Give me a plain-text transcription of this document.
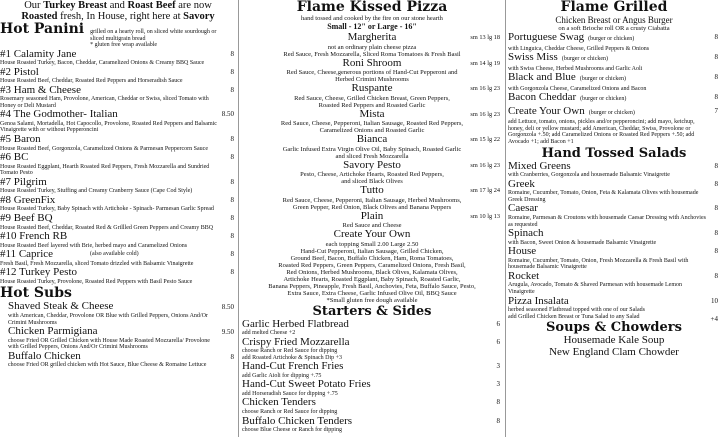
Our Turkey Breast and Roast Beef are now
Roasted fresh, In House, right here at Savory
Hot Panini grilled on a hearty roll, on sliced white sourdough or
sliced multigrain bread
* gluten free wrap available
#1 Calamity Jane	8
House Roasted Turkey, Bacon, Cheddar, Caramelized Onions & Creamy BBQ Sauce
#2 Pistol	8
House Roasted Beef, Cheddar, Roasted Red Peppers and Horseradish Sauce
#3 Ham & Cheese	8
Rosemary seasoned Ham, Provolone, American, Cheddar or Swiss, sliced Tomato with Honey or Deli Mustard
#4 The Godmother- Italian	8.50
Genoa Salami, Mortadella, Hot Capocollo, Provolone, Roasted Red Peppers and Balsamic Vinaigrette with or without Pepperoncini
#5 Baron	8
House Roasted Beef, Gorgonzola, Caramelized Onions & Parmesan Peppercorn Sauce
#6 BC	8
House Roasted Eggplant, Hearth Roasted Red Peppers, Fresh Mozzarella and Sundried Tomato Pesto
#7 Pilgrim	8
House Roasted Turkey, Stuffing and Creamy Cranberry Sauce (Cape Cod Style)
#8 GreenFix	8
House Roasted Turkey, Baby Spinach with Artichoke - Spinach- Parmesan Garlic Spread
#9 Beef BQ	8
House Roasted Beef, Cheddar, Roasted Red & Grillled Green Peppers and Creamy BBQ
#10 French RB	8
House Roasted Beef layered with Brie, herbed mayo and Caramelized Onions
#11 Caprice	(also available cold)	8
Fresh Basil, Fresh Mozzarella, sliced Tomato drizzled with Balsamic Vinaigrette
#12 Turkey Pesto	8
House Roasted Turkey, Provolone, Roasted Red Peppers with Basil Pesto Sauce
Hot Subs
Shaved Steak & Cheese	8.50
with American, Cheddar, Provolone OR Blue with Grilled Peppers, Onions And/Or Crimini Mushrooms
Chicken Parmigiana	9.50
choose Fried OR Grilled Chicken with House Made Roasted Mozzarella/ Provolone with Grilled Peppers, Onions And/Or Crimini Mushrooms
Buffalo Chicken	8
choose Fried OR grilled chicken with Hot Sauce, Blue Cheese & Romaine Lettuce
Flame Kissed Pizza
hand tossed and cooked by the fire on our stone hearth
Small - 12" or Large - 16"
Margherita	sm 13 lg 18
not an ordinary plain cheese pizza
Red Sauce, Fresh Mozzarella, Sliced Roma Tomatoes & Fresh Basil
Roni Shroom	sm 14 lg 19
Red Sauce, Cheese,generous portions of Hand-Cut Pepperoni and
Herbed Crimini Mushrooms
Ruspante	sm 16 lg 23
Red Sauce, Cheese, Grilled Chicken Breast, Green Peppers,
Roasted Red Peppers and Roasted Garlic
Mista	sm 16 lg 23
Red Sauce, Cheese, Pepperoni, Italian Sausage, Roasted Red Peppers,
Caramelized Onions and Roasted Garlic
Bianca	sm 15 lg 22
Garlic Infused Extra Virgin Olive Oil, Baby Spinach, Roasted Garlic
and sliced Fresh Mozzarella
Savory Pesto	sm 16 lg 23
Pesto, Cheese, Artichoke Hearts, Roasted Red Peppers,
and sliced Black Olives
Tutto	sm 17 lg 24
Red Sauce, Cheese, Pepperoni, Italian Sausage, Herbed Mushrooms,
Green Pepper, Red Onion, Black Olives and Banana Peppers
Plain	sm 10 lg 13
Red Sauce and Cheese
Create Your Own
each topping Small 2.00 Large 2.50
Hand-Cut Pepperoni, Italian Sausage, Grilled Chicken,
Ground Beef, Bacon, Buffalo Chicken, Ham, Roma Tomatoes,
Roasted Red Peppers, Green Peppers, Caramelized Onions, Fresh Basil,
Red Onions, Herbed Mushrooms, Black Olives, Kalamata Olives,
Artichoke Hearts, Roasted Eggplant, Baby Spinach, Roasted Garlic,
Banana Peppers, Pineapple, Fresh Basil, Anchovies, Feta, Buffalo Sauce, Pesto,
Extra Sauce, Extra Cheese, Garlic Infused Olive Oil, BBQ Sauce
*Small gluten free dough available
Starters & Sides
Garlic Herbed Flatbread	6
add melted Cheese +2
Crispy Fried Mozzarella	6
choose Ranch or Red Sauce for dipping
add Roasted Artichoke & Spinach Dip +3
Hand-Cut French Fries	3
add Garlic Aioli for dipping +.75
Hand-Cut Sweet Potato Fries	3
add Horseradish Sauce for dipping +.75
Chicken Tenders	8
choose Ranch or Red Sauce for dipping
Buffalo Chicken Tenders	8
choose Blue Cheese or Ranch for dipping
Flame Grilled
Chicken Breast or Angus Burger
on a soft Brioche roll OR a crusty Ciabatta
Portuguese Swag (burger or chicken)	8
with Linguica, Cheddar Cheese, Grilled Peppers & Onions
Swiss Miss (burger or chicken)	8
with Swiss Cheese, Herbed Mushrooms and Garlic Aoli
Black and Blue (burger or chicken)	8
with Gorgonzola Cheese, Caramelized Onions and Bacon
Bacon Cheddar (burger or chicken)	8
Create Your Own (burger or chicken)	7
add Lettuce, tomato, onions, pickles and/or pepperoncini; add mayo, ketchup, honey, deli or yellow mustard; add American, Cheddar, Swiss, Provolone or Gorgonzola +.50; add Caramelized Onions or Roasted Red Peppers +.50; add Avocado +1; add Bacon +1
Hand Tossed Salads
Mixed Greens	8
with Cranberries, Gorgonzola and housemade Balsamic Vinaigrette
Greek	8
Romaine, Cucumber, Tomato, Onion, Feta & Kalamata Olives with housemade Greek Dressing
Caesar	8
Romaine, Parmesan & Croutons with housemade Caesar Dressing with Anchovies as requested
Spinach	8
with Bacon, Sweet Onion & housemade Balsamic Vinaigrette
House	8
Romaine, Cucumber, Tomato, Onion, Fresh Mozzarella & Fresh Basil with housemade Balsamic Vinaigrette
Rocket	8
Arugula, Avocado, Tomato & Shaved Parmesan with housemade Lemon Vinaigrette
Pizza Insalata	10
herbed seasoned Flatbread topped with one of our Salads
+4
add Grilled Chicken Breast or Tuna Salad to any Salad
Soups & Chowders
Housemade Kale Soup
New England Clam Chowder
